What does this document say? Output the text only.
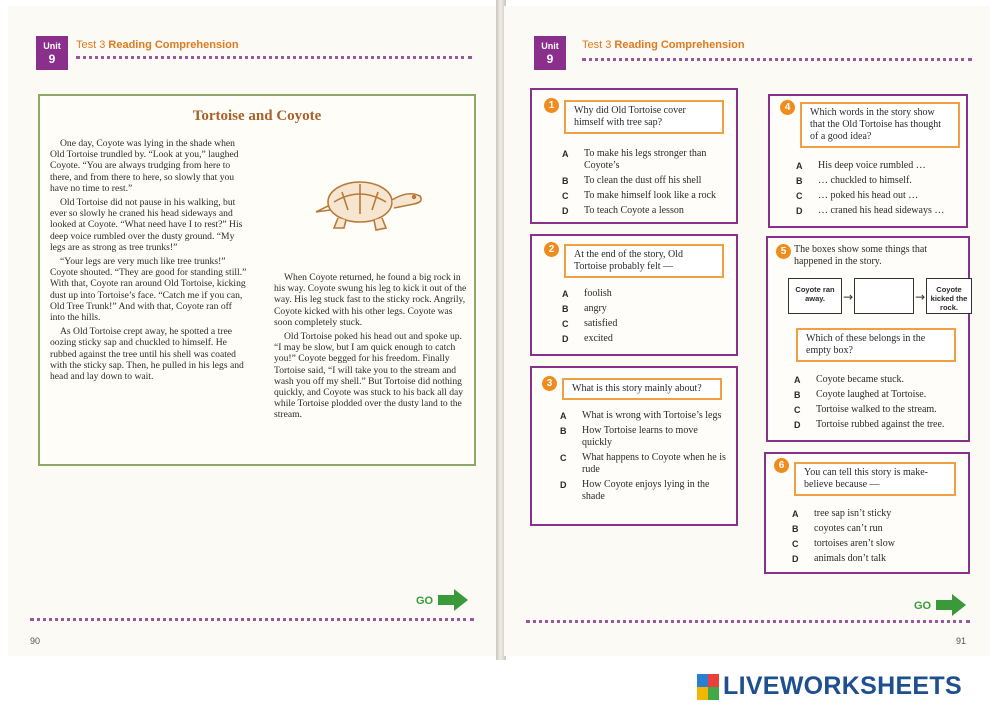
Unit
9
Test 3 Reading Comprehension
Tortoise and Coyote

One day, Coyote was lying in the shade when Old Tortoise trundled by. “Look at you,” laughed Coyote. “You are always trudging from here to there, and from there to here, so slowly that you have no time to rest.”

Old Tortoise did not pause in his walking, but ever so slowly he craned his head sideways and looked at Coyote. “What need have I to rest?” His deep voice rumbled over the dusty ground. “My legs are as strong as tree trunks!”

“Your legs are very much like tree trunks!” Coyote shouted. “They are good for standing still.” With that, Coyote ran around Old Tortoise, kicking dust up into Tortoise’s face. “Catch me if you can, Old Tree Trunk!” And with that, Coyote ran off into the hills.

As Old Tortoise crept away, he spotted a tree oozing sticky sap and chuckled to himself. He rubbed against the tree until his shell was coated with the sticky sap. Then, he pulled in his legs and head and lay down to wait.

When Coyote returned, he found a big rock in his way. Coyote swung his leg to kick it out of the way. His leg stuck fast to the sticky rock. Angrily, Coyote kicked with his other legs. Coyote was soon completely stuck.

Old Tortoise poked his head out and spoke up. “I may be slow, but I am quick enough to catch you!” Coyote begged for his freedom. Finally Tortoise said, “I will take you to the stream and wash you off my shell.” But Tortoise did nothing quickly, and Coyote was stuck to his back all day while Tortoise plodded over the dusty land to the stream.

GO
90
Unit
9
Test 3 Reading Comprehension
1	Why did Old Tortoise cover himself with tree sap?
A	To make his legs stronger than Coyote’s
B	To clean the dust off his shell
C	To make himself look like a rock
D	To teach Coyote a lesson
2	At the end of the story, Old Tortoise probably felt —
A	foolish
B	angry
C	satisfied
D	excited
3	What is this story mainly about?
A	What is wrong with Tortoise’s legs
B	How Tortoise learns to move quickly
C	What happens to Coyote when he is rude
D	How Coyote enjoys lying in the shade
4	Which words in the story show that the Old Tortoise has thought of a good idea?
A	His deep voice rumbled …
B	… chuckled to himself.
C	… poked his head out …
D	… craned his head sideways …
5 The boxes show some things that happened in the story.
Coyote ran away.	→	→
Coyote kicked the rock.
Which of these belongs in the empty box?
A	Coyote became stuck.
B	Coyote laughed at Tortoise.
C	Tortoise walked to the stream.
D	Tortoise rubbed against the tree.
6
You can tell this story is make-believe because —
A	tree sap isn’t sticky
B	coyotes can’t run
C	tortoises aren’t slow
D	animals don’t talk
GO
91
LIVEWORKSHEETS
